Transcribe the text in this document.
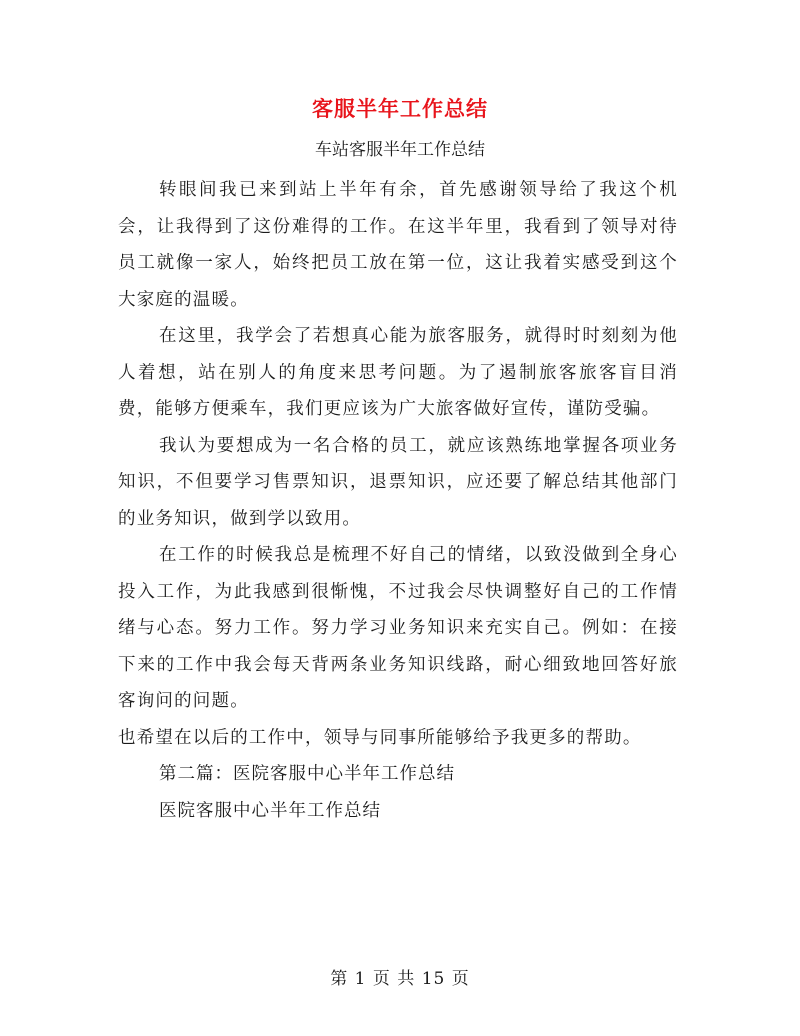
客服半年工作总结
车站客服半年工作总结

转眼间我已来到站上半年有余，首先感谢领导给了我这个机会，让我得到了这份难得的工作。在这半年里，我看到了领导对待员工就像一家人，始终把员工放在第一位，这让我着实感受到这个大家庭的温暖。

在这里，我学会了若想真心能为旅客服务，就得时时刻刻为他人着想，站在别人的角度来思考问题。为了遏制旅客旅客盲目消费，能够方便乘车，我们更应该为广大旅客做好宣传，谨防受骗。

我认为要想成为一名合格的员工，就应该熟练地掌握各项业务知识，不但要学习售票知识，退票知识，应还要了解总结其他部门的业务知识，做到学以致用。

在工作的时候我总是梳理不好自己的情绪，以致没做到全身心投入工作，为此我感到很惭愧，不过我会尽快调整好自己的工作情绪与心态。努力工作。努力学习业务知识来充实自己。例如：在接下来的工作中我会每天背两条业务知识线路，耐心细致地回答好旅客询问的问题。

也希望在以后的工作中，领导与同事所能够给予我更多的帮助。

第二篇：医院客服中心半年工作总结

医院客服中心半年工作总结

第 1 页 共 15 页
